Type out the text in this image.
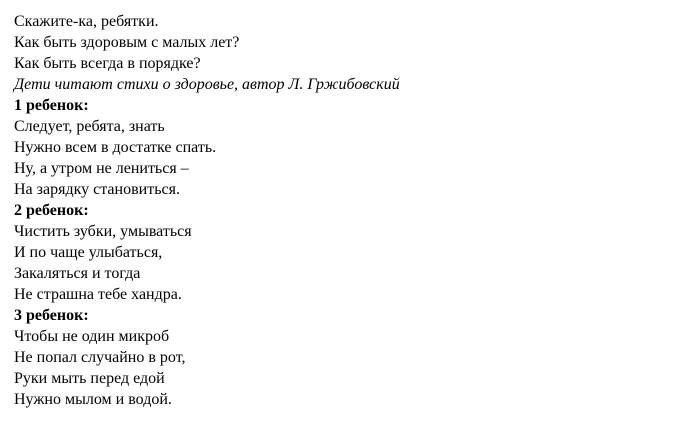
Скажите-ка, ребятки.

Как быть здоровым с малых лет?

Как быть всегда в порядке?

Дети читают стихи о здоровье, автор Л. Гржибовский

1 ребенок:

Следует, ребята, знать

Нужно всем в достатке спать.

Ну, а утром не лениться –

На зарядку становиться.

2 ребенок:

Чистить зубки, умываться

И по чаще улыбаться,

Закаляться и тогда

Не страшна тебе хандра.

3 ребенок:

Чтобы не один микроб

Не попал случайно в рот,

Руки мыть перед едой

Нужно мылом и водой.
